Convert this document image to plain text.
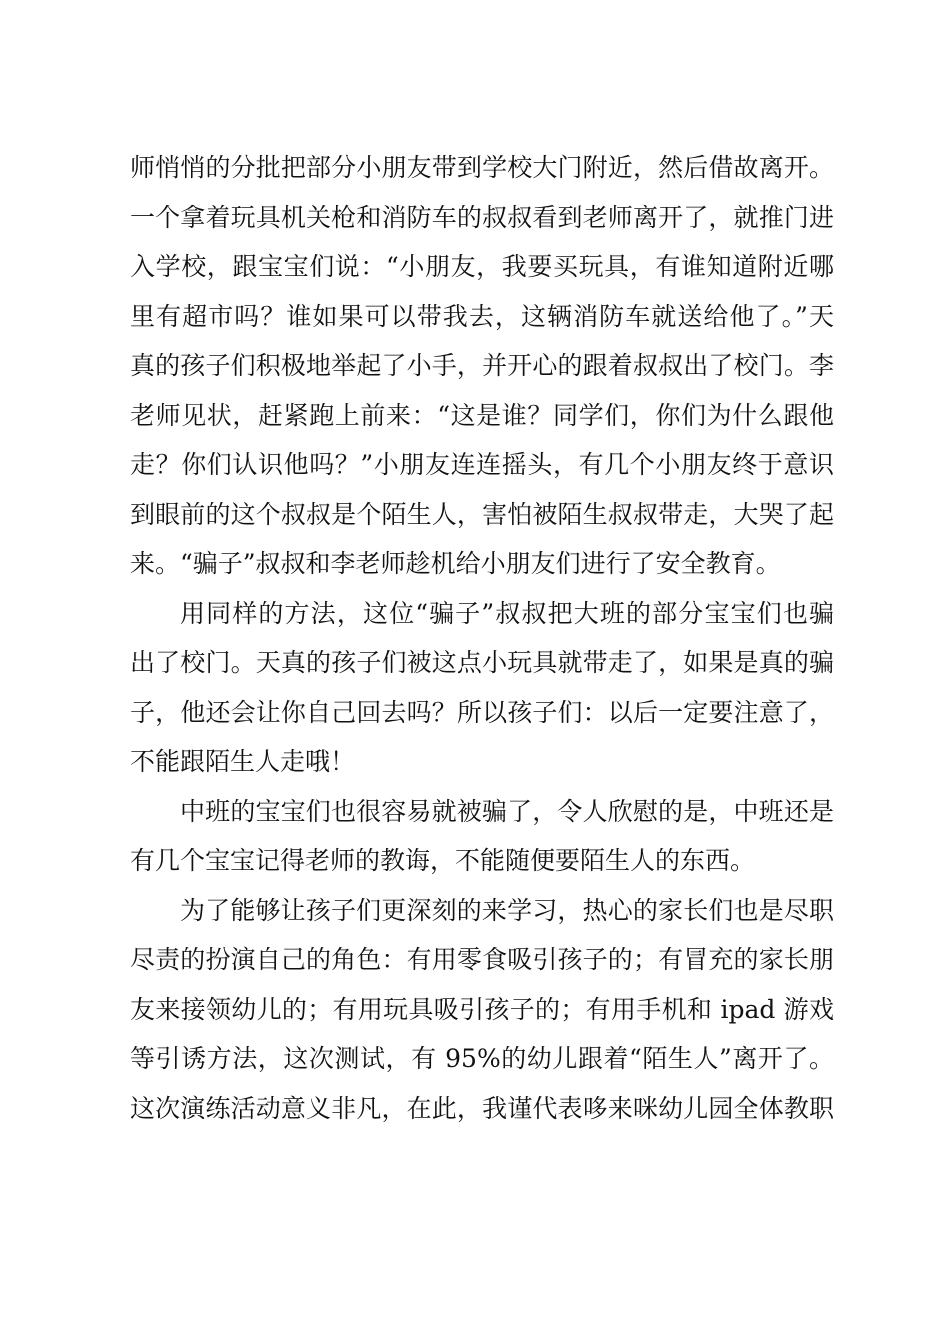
师悄悄的分批把部分小朋友带到学校大门附近，然后借故离开。
一个拿着玩具机关枪和消防车的叔叔看到老师离开了，就推门进
入学校，跟宝宝们说：“小朋友，我要买玩具，有谁知道附近哪
里有超市吗？谁如果可以带我去，这辆消防车就送给他了。”天
真的孩子们积极地举起了小手，并开心的跟着叔叔出了校门。李
老师见状，赶紧跑上前来：“这是谁？同学们，你们为什么跟他
走？你们认识他吗？”小朋友连连摇头，有几个小朋友终于意识
到眼前的这个叔叔是个陌生人，害怕被陌生叔叔带走，大哭了起
来。“骗子”叔叔和李老师趁机给小朋友们进行了安全教育。
用同样的方法，这位“骗子”叔叔把大班的部分宝宝们也骗
出了校门。天真的孩子们被这点小玩具就带走了，如果是真的骗
子，他还会让你自己回去吗？所以孩子们：以后一定要注意了，
不能跟陌生人走哦！
中班的宝宝们也很容易就被骗了，令人欣慰的是，中班还是
有几个宝宝记得老师的教诲，不能随便要陌生人的东西。
为了能够让孩子们更深刻的来学习，热心的家长们也是尽职
尽责的扮演自己的角色：有用零食吸引孩子的；有冒充的家长朋
友来接领幼儿的；有用玩具吸引孩子的；有用手机和 ipad 游戏
等引诱方法，这次测试，有 95%的幼儿跟着“陌生人”离开了。
这次演练活动意义非凡，在此，我谨代表哆来咪幼儿园全体教职
